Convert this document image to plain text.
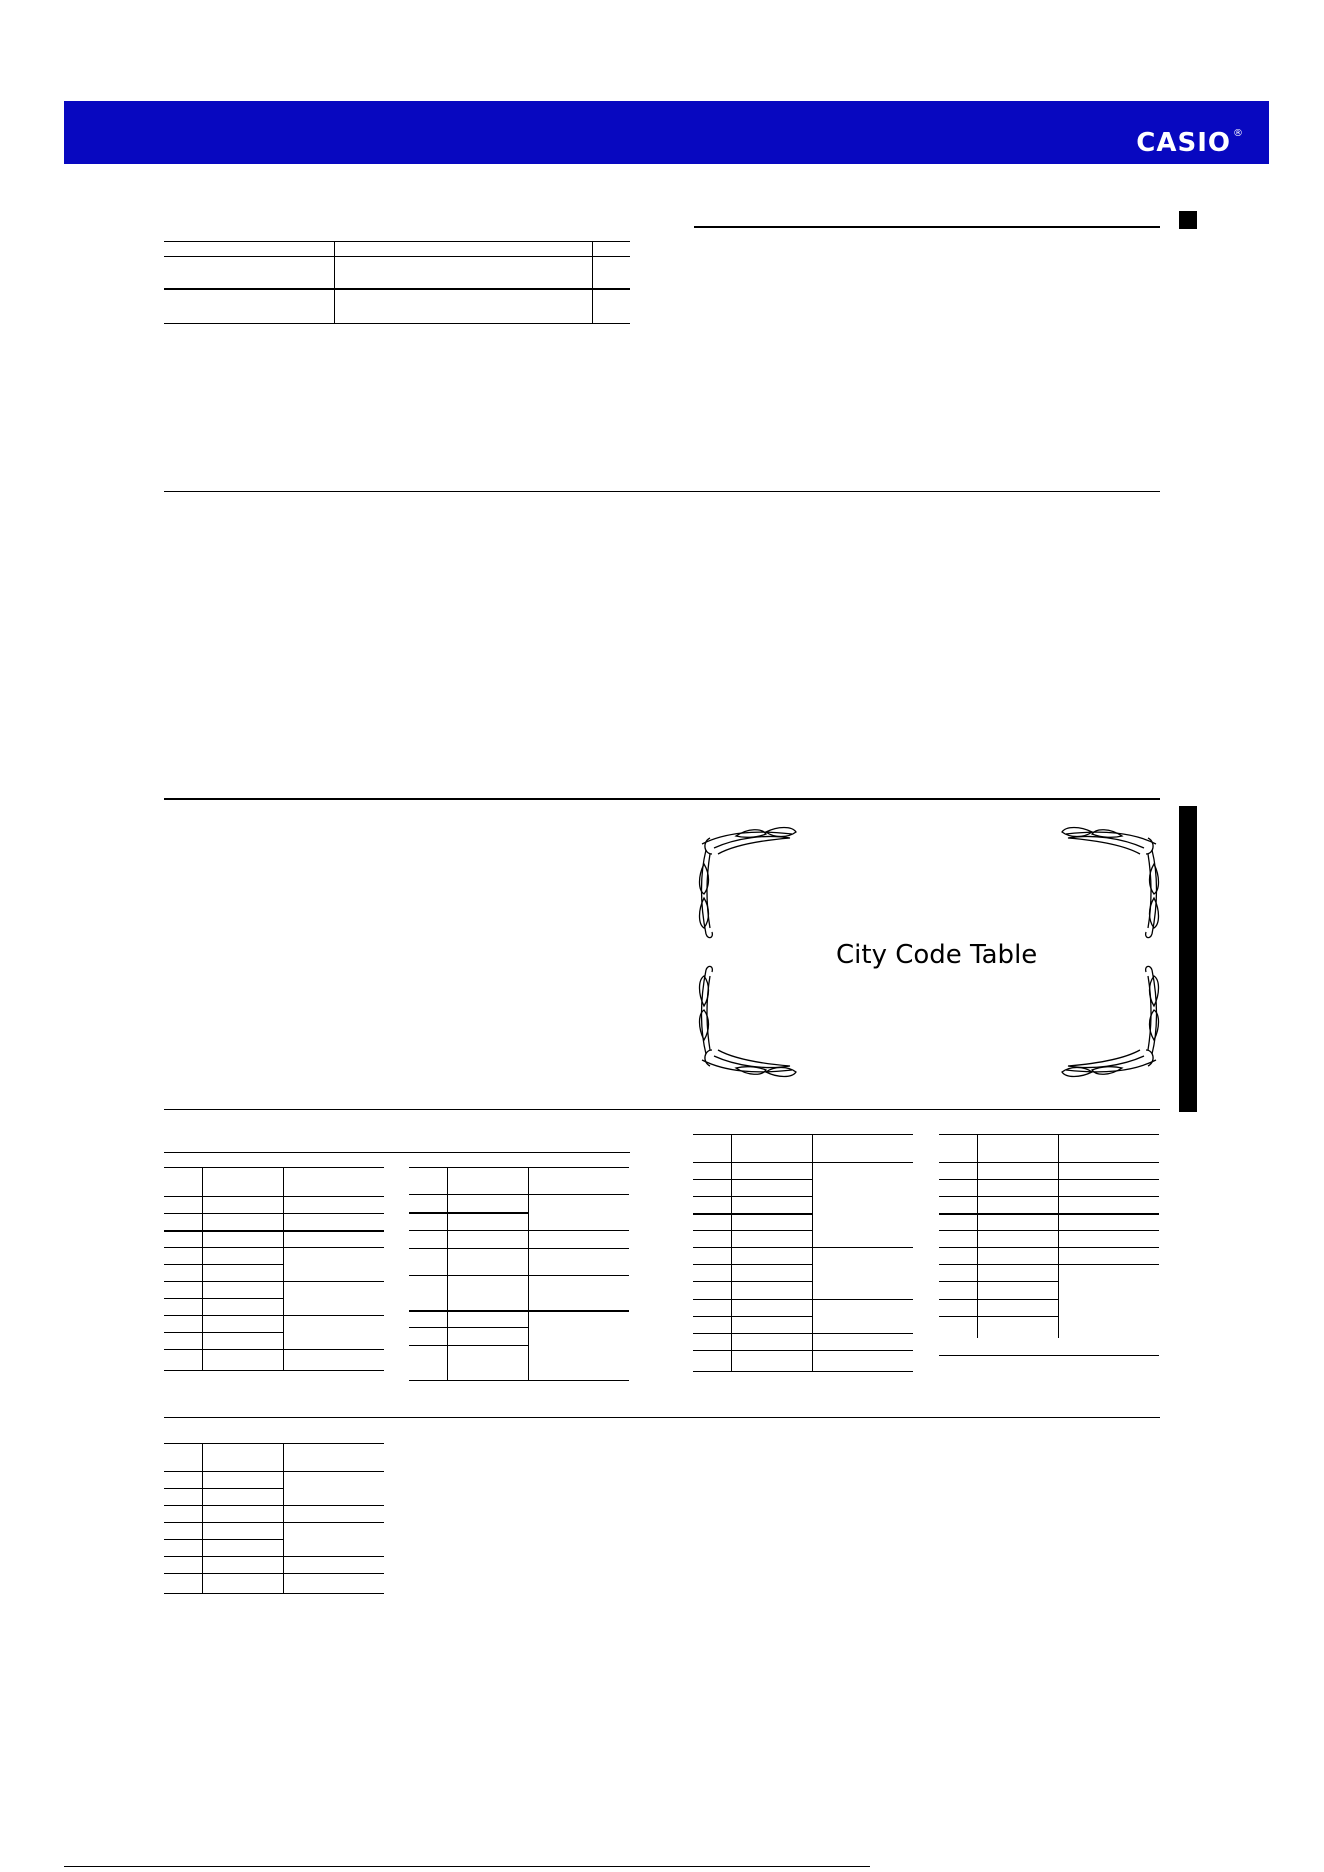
CASIO ®
City Code Table
